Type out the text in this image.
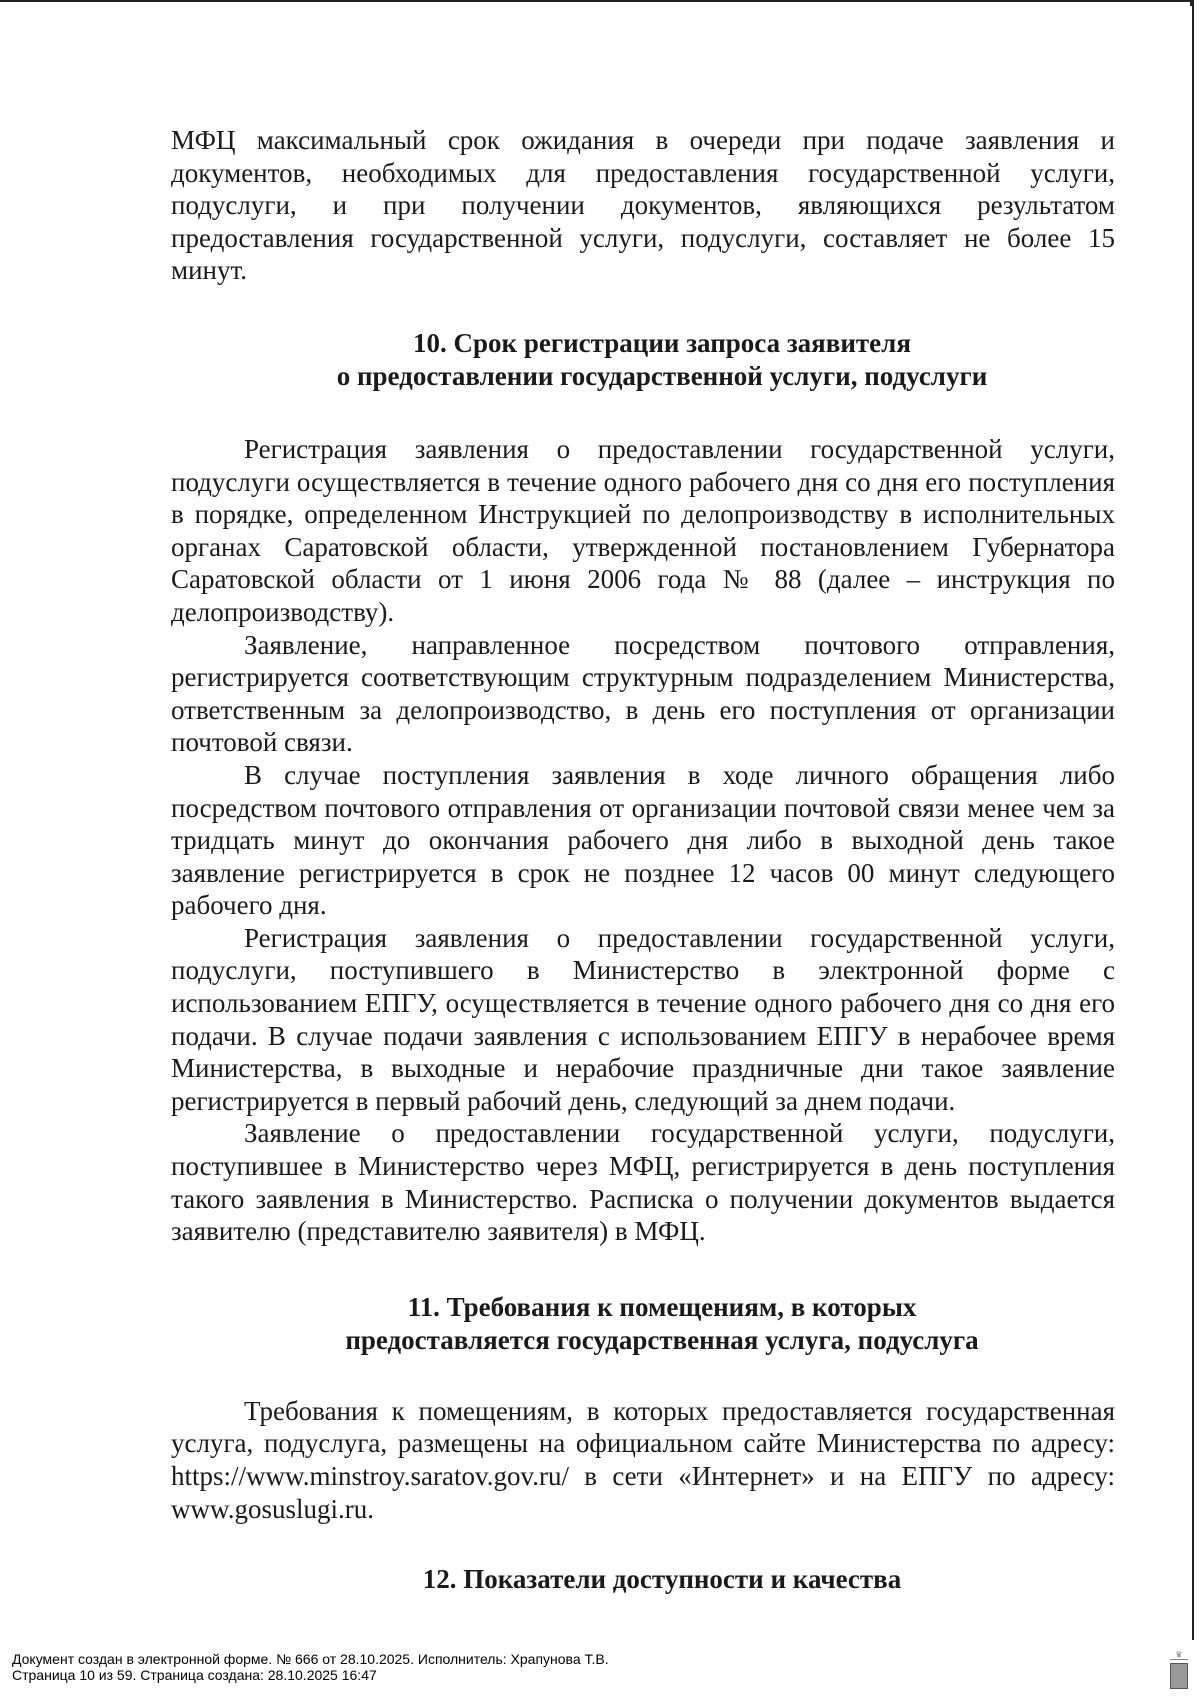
МФЦ максимальный срок ожидания в очереди при подаче заявления и документов, необходимых для предоставления государственной услуги, подуслуги, и при получении документов, являющихся результатом предоставления государственной услуги, подуслуги, составляет не более 15 минут.

10. Срок регистрации запроса заявителя
о предоставлении государственной услуги, подуслуги

Регистрация заявления о предоставлении государственной услуги, подуслуги осуществляется в течение одного рабочего дня со дня его поступления в порядке, определенном Инструкцией по делопроизводству в исполнительных органах Саратовской области, утвержденной постановлением Губернатора Саратовской области от 1 июня 2006 года № 88 (далее – инструкция по делопроизводству).

Заявление, направленное посредством почтового отправления, регистрируется соответствующим структурным подразделением Министерства, ответственным за делопроизводство, в день его поступления от организации почтовой связи.

В случае поступления заявления в ходе личного обращения либо посредством почтового отправления от организации почтовой связи менее чем за тридцать минут до окончания рабочего дня либо в выходной день такое заявление регистрируется в срок не позднее 12 часов 00 минут следующего рабочего дня.

Регистрация заявления о предоставлении государственной услуги, подуслуги, поступившего в Министерство в электронной форме с использованием ЕПГУ, осуществляется в течение одного рабочего дня со дня его подачи. В случае подачи заявления с использованием ЕПГУ в нерабочее время Министерства, в выходные и нерабочие праздничные дни такое заявление регистрируется в первый рабочий день, следующий за днем подачи.

Заявление о предоставлении государственной услуги, подуслуги, поступившее в Министерство через МФЦ, регистрируется в день поступления такого заявления в Министерство. Расписка о получении документов выдается заявителю (представителю заявителя) в МФЦ.

11. Требования к помещениям, в которых
предоставляется государственная услуга, подуслуга

Требования к помещениям, в которых предоставляется государственная услуга, подуслуга, размещены на официальном сайте Министерства по адресу: https://www.minstroy.saratov.gov.ru/ в сети «Интернет» и на ЕПГУ по адресу: www.gosuslugi.ru.

12. Показатели доступности и качества
Документ создан в электронной форме. № 666 от 28.10.2025. Исполнитель: Храпунова Т.В.
Страница 10 из 59. Страница создана: 28.10.2025 16:47
♛
